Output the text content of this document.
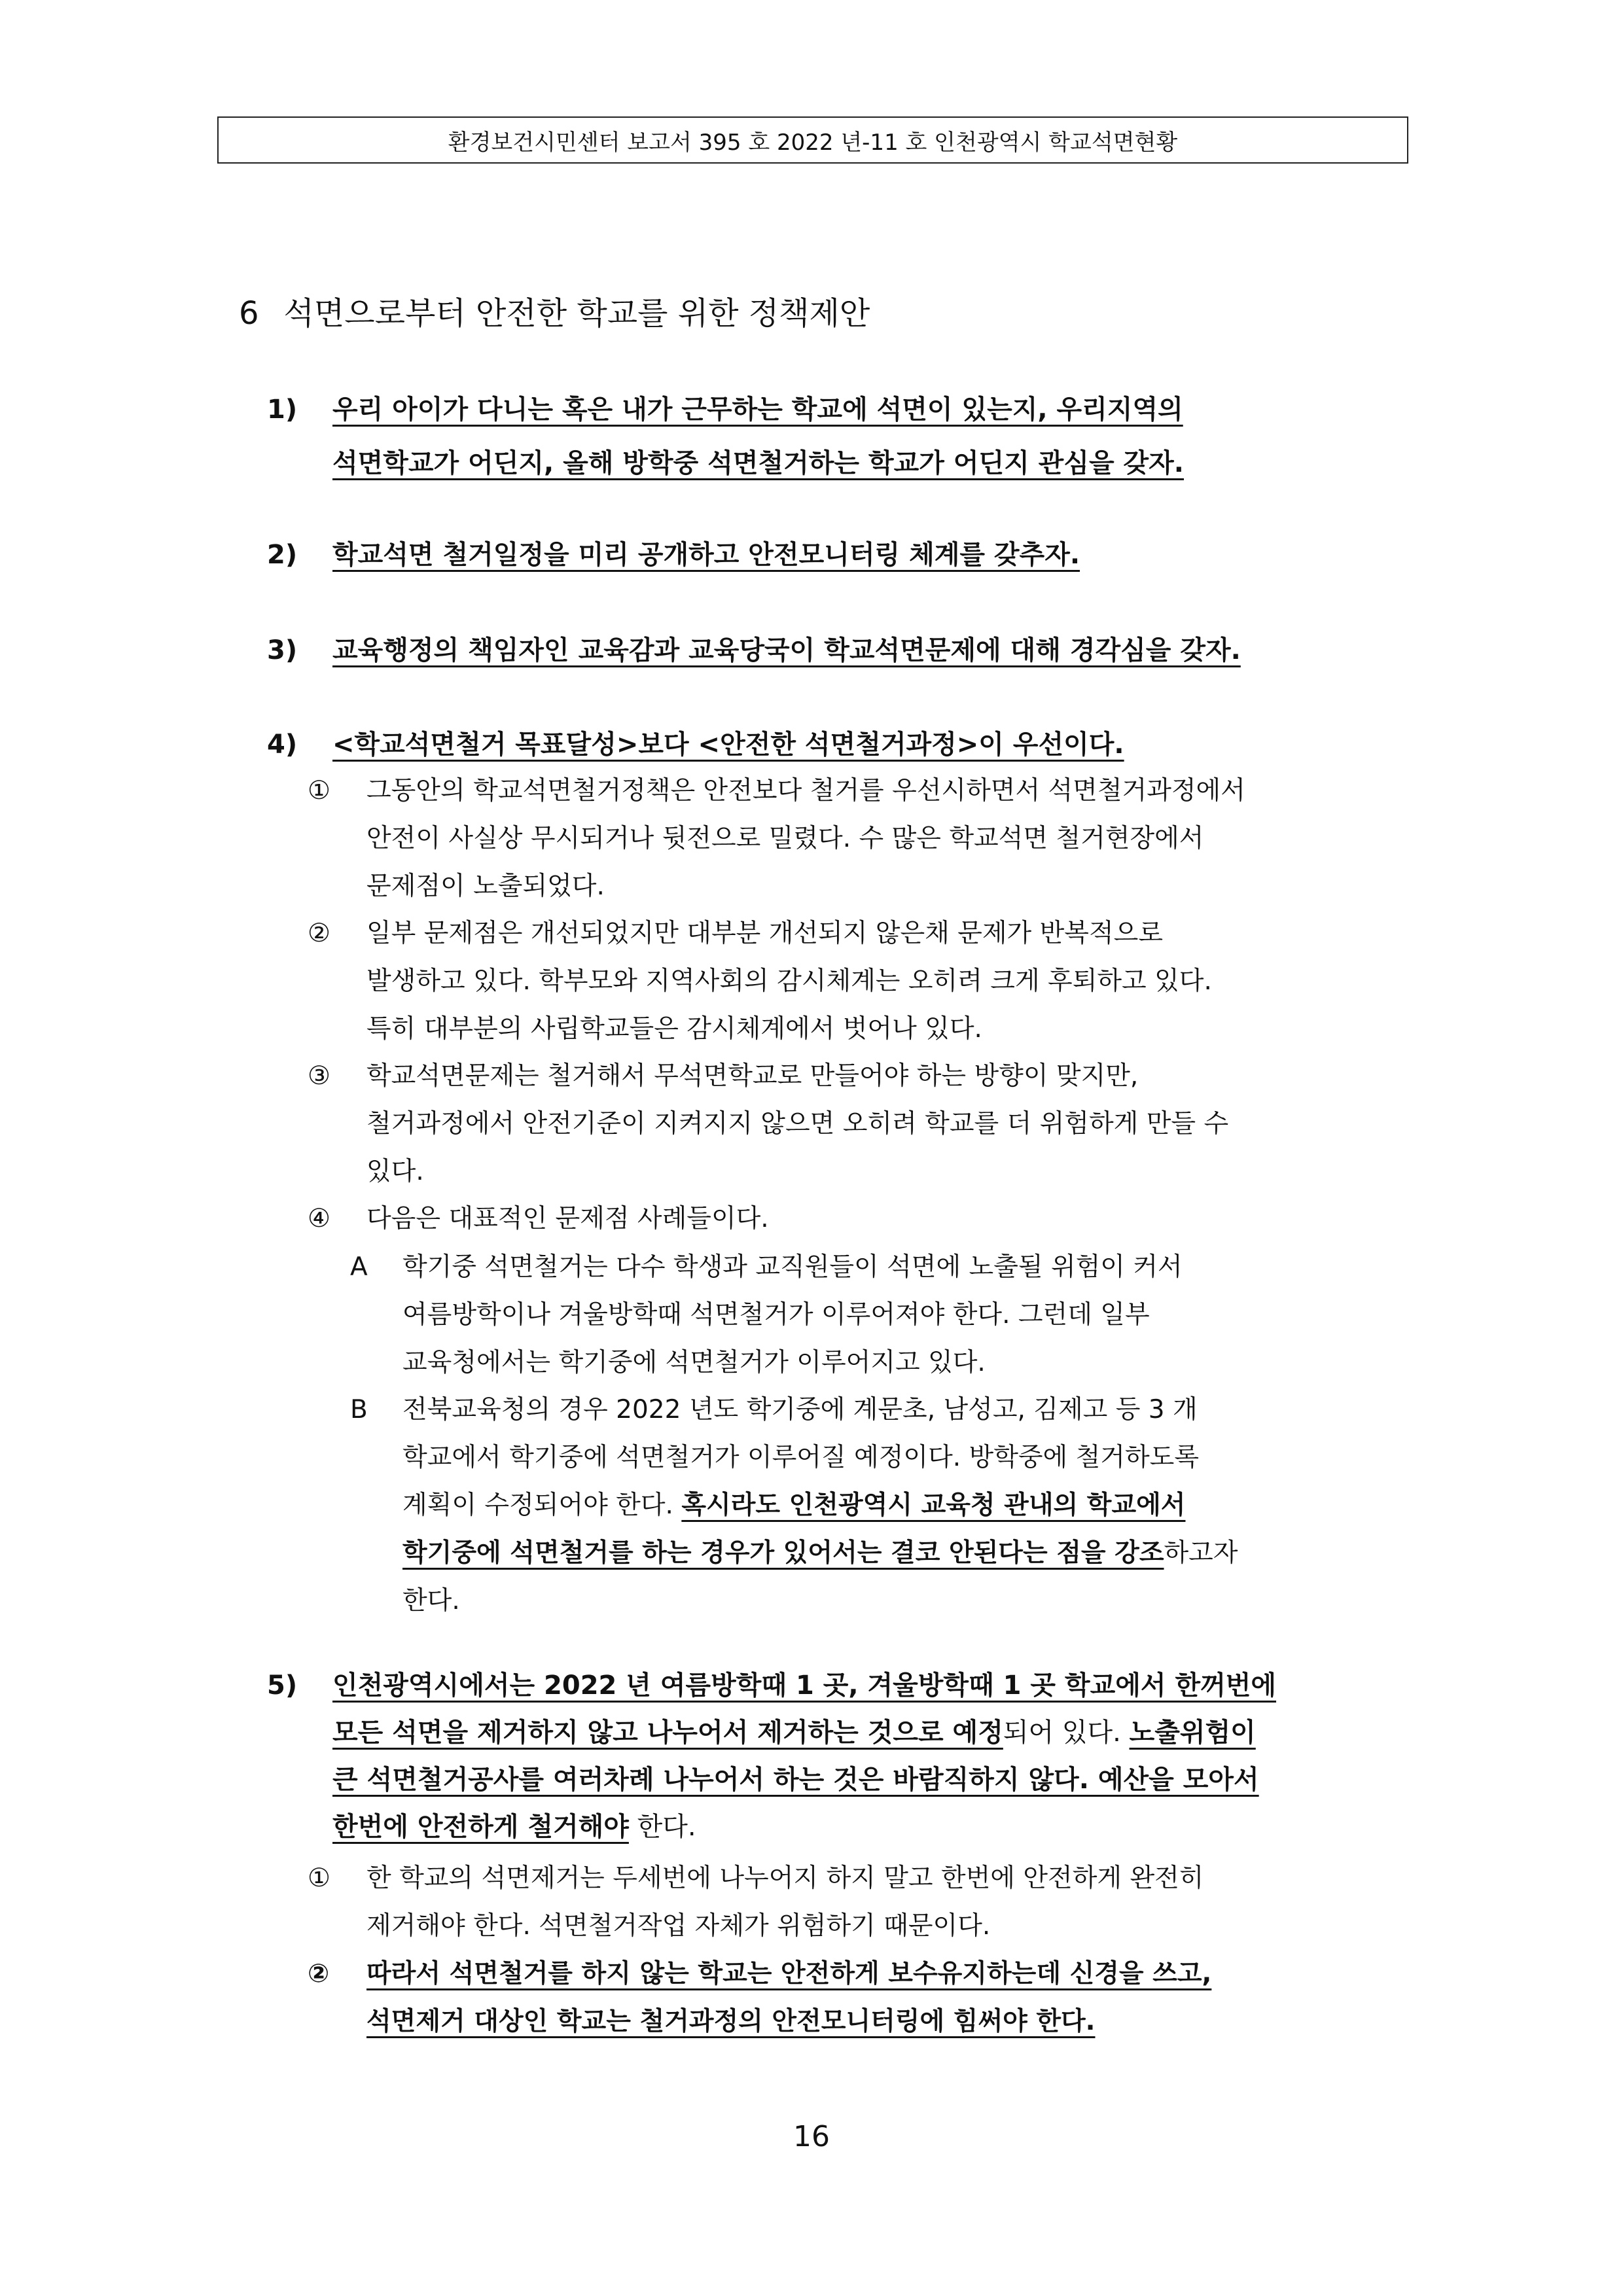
환경보건시민센터 보고서 395 호 2022 년-11 호 인천광역시 학교석면현황
6 석면으로부터 안전한 학교를 위한 정책제안
1) 우리 아이가 다니는 혹은 내가 근무하는 학교에 석면이 있는지, 우리지역의
석면학교가 어딘지, 올해 방학중 석면철거하는 학교가 어딘지 관심을 갖자.
2) 학교석면 철거일정을 미리 공개하고 안전모니터링 체계를 갖추자.
3) 교육행정의 책임자인 교육감과 교육당국이 학교석면문제에 대해 경각심을 갖자.
4) <학교석면철거 목표달성>보다 <안전한 석면철거과정>이 우선이다.
① 그동안의 학교석면철거정책은 안전보다 철거를 우선시하면서 석면철거과정에서
안전이 사실상 무시되거나 뒷전으로 밀렸다. 수 많은 학교석면 철거현장에서
문제점이 노출되었다.
② 일부 문제점은 개선되었지만 대부분 개선되지 않은채 문제가 반복적으로
발생하고 있다. 학부모와 지역사회의 감시체계는 오히려 크게 후퇴하고 있다.
특히 대부분의 사립학교들은 감시체계에서 벗어나 있다.
③ 학교석면문제는 철거해서 무석면학교로 만들어야 하는 방향이 맞지만,
철거과정에서 안전기준이 지켜지지 않으면 오히려 학교를 더 위험하게 만들 수
있다.
④ 다음은 대표적인 문제점 사례들이다.
A 학기중 석면철거는 다수 학생과 교직원들이 석면에 노출될 위험이 커서
여름방학이나 겨울방학때 석면철거가 이루어져야 한다. 그런데 일부
교육청에서는 학기중에 석면철거가 이루어지고 있다.
B 전북교육청의 경우 2022 년도 학기중에 계문초, 남성고, 김제고 등 3 개
학교에서 학기중에 석면철거가 이루어질 예정이다. 방학중에 철거하도록
계획이 수정되어야 한다. 혹시라도 인천광역시 교육청 관내의 학교에서
학기중에 석면철거를 하는 경우가 있어서는 결코 안된다는 점을 강조하고자
한다.
5) 인천광역시에서는 2022 년 여름방학때 1 곳, 겨울방학때 1 곳 학교에서 한꺼번에
모든 석면을 제거하지 않고 나누어서 제거하는 것으로 예정되어 있다. 노출위험이
큰 석면철거공사를 여러차례 나누어서 하는 것은 바람직하지 않다. 예산을 모아서
한번에 안전하게 철거해야 한다.
① 한 학교의 석면제거는 두세번에 나누어지 하지 말고 한번에 안전하게 완전히
제거해야 한다. 석면철거작업 자체가 위험하기 때문이다.
② 따라서 석면철거를 하지 않는 학교는 안전하게 보수유지하는데 신경을 쓰고,
석면제거 대상인 학교는 철거과정의 안전모니터링에 힘써야 한다.
16
